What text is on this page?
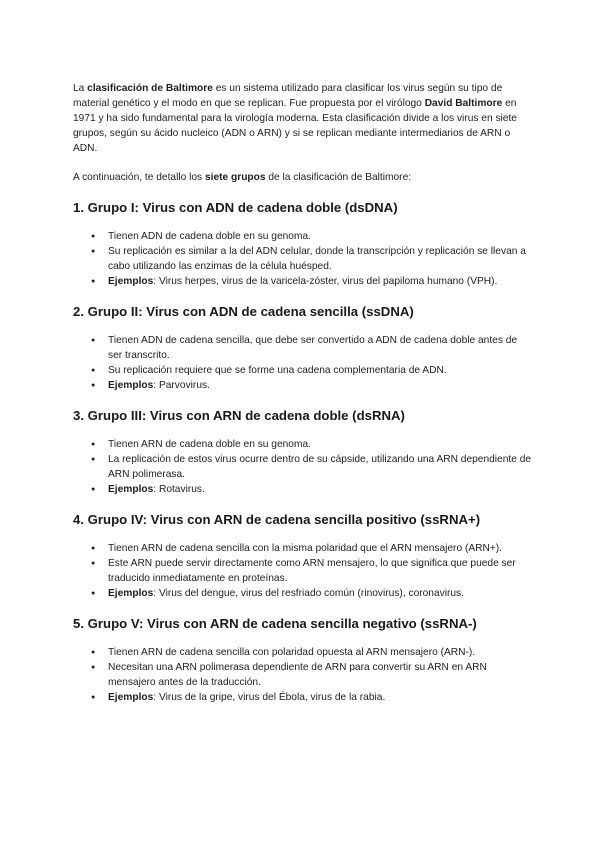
La clasificación de Baltimore es un sistema utilizado para clasificar los virus según su tipo de material genético y el modo en que se replican. Fue propuesta por el virólogo David Baltimore en 1971 y ha sido fundamental para la virología moderna. Esta clasificación divide a los virus en siete grupos, según su ácido nucleico (ADN o ARN) y si se replican mediante intermediarios de ARN o ADN.

A continuación, te detallo los siete grupos de la clasificación de Baltimore:

1. Grupo I: Virus con ADN de cadena doble (dsDNA)
● Tienen ADN de cadena doble en su genoma.
● Su replicación es similar a la del ADN celular, donde la transcripción y replicación se llevan a cabo utilizando las enzimas de la célula huésped.
● Ejemplos: Virus herpes, virus de la varicela-zóster, virus del papiloma humano (VPH).
2. Grupo II: Virus con ADN de cadena sencilla (ssDNA)
● Tienen ADN de cadena sencilla, que debe ser convertido a ADN de cadena doble antes de ser transcrito.
● Su replicación requiere que se forme una cadena complementaria de ADN.
● Ejemplos: Parvovirus.
3. Grupo III: Virus con ARN de cadena doble (dsRNA)
● Tienen ARN de cadena doble en su genoma.
● La replicación de estos virus ocurre dentro de su cápside, utilizando una ARN dependiente de ARN polimerasa.
● Ejemplos: Rotavirus.
4. Grupo IV: Virus con ARN de cadena sencilla positivo (ssRNA+)
● Tienen ARN de cadena sencilla con la misma polaridad que el ARN mensajero (ARN+).
● Este ARN puede servir directamente como ARN mensajero, lo que significa que puede ser traducido inmediatamente en proteínas.
● Ejemplos: Virus del dengue, virus del resfriado común (rinovirus), coronavirus.
5. Grupo V: Virus con ARN de cadena sencilla negativo (ssRNA-)
● Tienen ARN de cadena sencilla con polaridad opuesta al ARN mensajero (ARN-).
● Necesitan una ARN polimerasa dependiente de ARN para convertir su ARN en ARN mensajero antes de la traducción.
● Ejemplos: Virus de la gripe, virus del Ébola, virus de la rabia.
